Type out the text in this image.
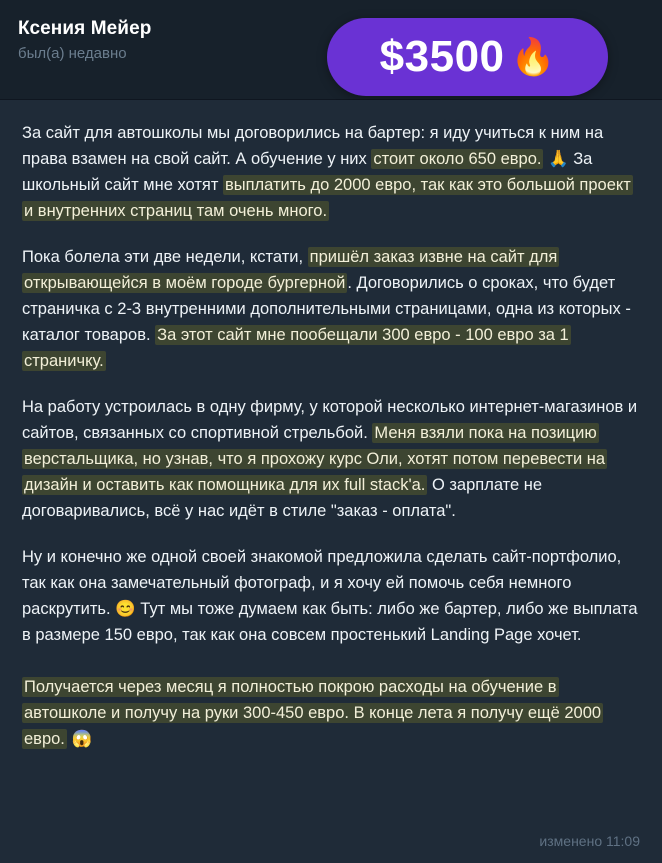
Ксения Мейер
был(а) недавно	$3500 🔥
За сайт для автошколы мы договорились на бартер: я иду учиться к ним на права взамен на свой сайт. А обучение у них стоит около 650 евро. 🙏 За школьный сайт мне хотят выплатить до 2000 евро, так как это большой проект и внутренних страниц там очень много.
Пока болела эти две недели, кстати, пришёл заказ извне на сайт для открывающейся в моём городе бургерной . Договорились о сроках, что будет страничка с 2-3 внутренними дополнительными страницами, одна из которых - каталог товаров. За этот сайт мне пообещали 300 евро - 100 евро за 1 страничку.
На работу устроилась в одну фирму, у которой несколько интернет-магазинов и сайтов, связанных со спортивной стрельбой. Меня взяли пока на позицию верстальщика, но узнав, что я прохожу курс Оли, хотят потом перевести на дизайн и оставить как помощника для их full stack'а. О зарплате не договаривались, всё у нас идёт в стиле "заказ - оплата".
Ну и конечно же одной своей знакомой предложила сделать сайт-портфолио, так как она замечательный фотограф, и я хочу ей помочь себя немного раскрутить. 😊 Тут мы тоже думаем как быть: либо же бартер, либо же выплата в размере 150 евро, так как она совсем простенький Landing Page хочет.
Получается через месяц я полностью покрою расходы на обучение в автошколе и получу на руки 300-450 евро. В конце лета я получу ещё 2000 евро. 😱
изменено 11:09
